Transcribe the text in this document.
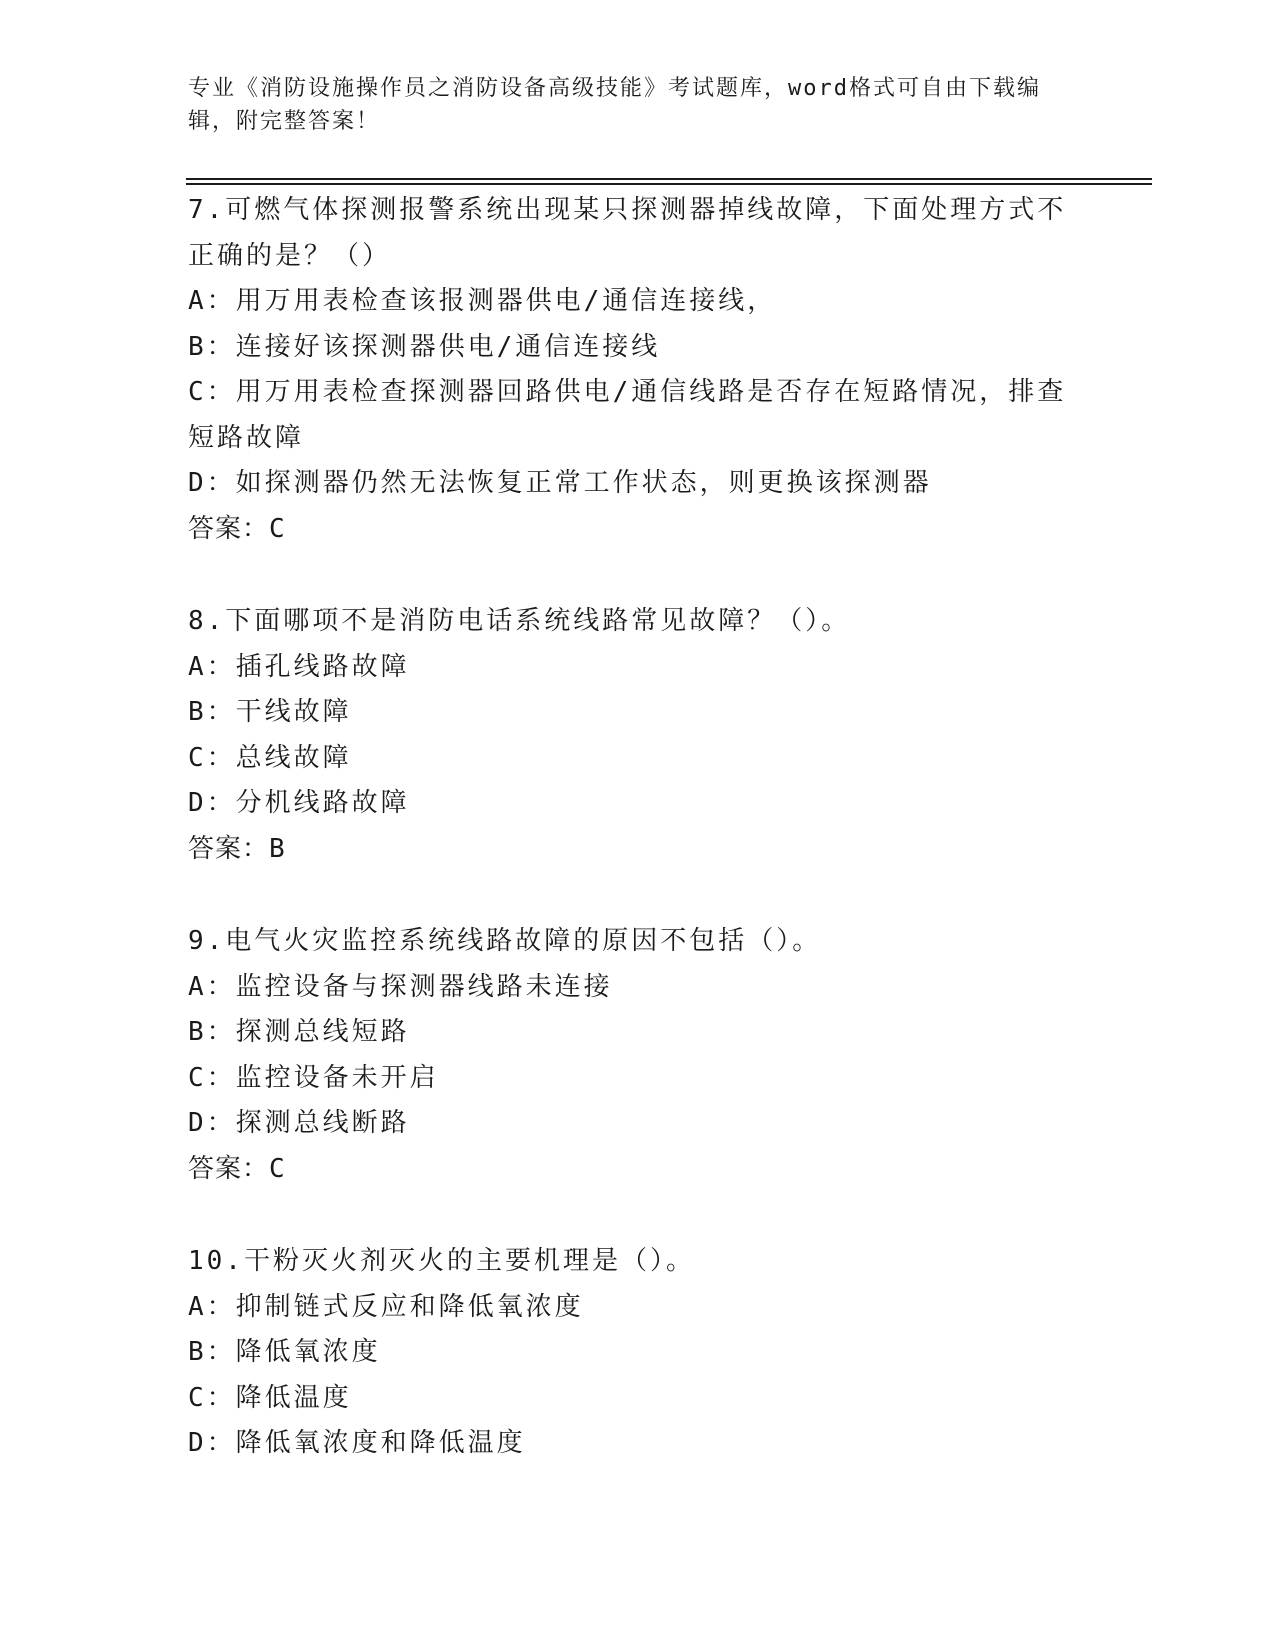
专业《消防设施操作员之消防设备高级技能》考试题库，word格式可自由下载编辑，附完整答案！
7.可燃气体探测报警系统出现某只探测器掉线故障，下面处理方式不正确的是？（）
A：用万用表检查该报测器供电/通信连接线，
B：连接好该探测器供电/通信连接线
C：用万用表检查探测器回路供电/通信线路是否存在短路情况，排查短路故障
D：如探测器仍然无法恢复正常工作状态，则更换该探测器
答案：C
8.下面哪项不是消防电话系统线路常见故障？（）。
A：插孔线路故障
B：干线故障
C：总线故障
D：分机线路故障
答案：B
9.电气火灾监控系统线路故障的原因不包括（）。
A：监控设备与探测器线路未连接
B：探测总线短路
C：监控设备未开启
D：探测总线断路
答案：C
10.干粉灭火剂灭火的主要机理是（）。
A：抑制链式反应和降低氧浓度
B：降低氧浓度
C：降低温度
D：降低氧浓度和降低温度
